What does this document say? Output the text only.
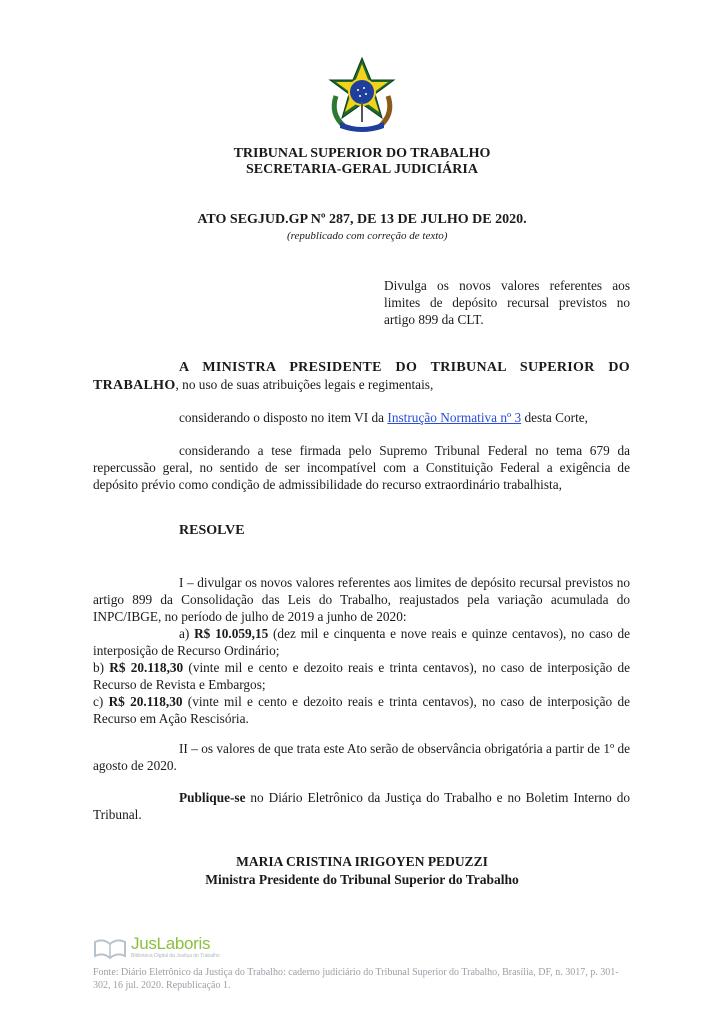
TRIBUNAL SUPERIOR DO TRABALHO
SECRETARIA-GERAL JUDICIÁRIA
ATO SEGJUD.GP Nº 287, DE 13 DE JULHO DE 2020.
(republicado com correção de texto)
Divulga os novos valores referentes aos limites de depósito recursal previstos no artigo 899 da CLT.
A MINISTRA PRESIDENTE DO TRIBUNAL SUPERIOR DO TRABALHO, no uso de suas atribuições legais e regimentais,
considerando o disposto no item VI da Instrução Normativa nº 3 desta Corte,
considerando a tese firmada pelo Supremo Tribunal Federal no tema 679 da repercussão geral, no sentido de ser incompatível com a Constituição Federal a exigência de depósito prévio como condição de admissibilidade do recurso extraordinário trabalhista,
RESOLVE
I – divulgar os novos valores referentes aos limites de depósito recursal previstos no artigo 899 da Consolidação das Leis do Trabalho, reajustados pela variação acumulada do INPC/IBGE, no período de julho de 2019 a junho de 2020:
a) R$ 10.059,15 (dez mil e cinquenta e nove reais e quinze centavos), no caso de interposição de Recurso Ordinário;
b) R$ 20.118,30 (vinte mil e cento e dezoito reais e trinta centavos), no caso de interposição de Recurso de Revista e Embargos;
c) R$ 20.118,30 (vinte mil e cento e dezoito reais e trinta centavos), no caso de interposição de Recurso em Ação Rescisória.
II – os valores de que trata este Ato serão de observância obrigatória a partir de 1º de agosto de 2020.
Publique-se no Diário Eletrônico da Justiça do Trabalho e no Boletim Interno do Tribunal.
MARIA CRISTINA IRIGOYEN PEDUZZI
Ministra Presidente do Tribunal Superior do Trabalho
JusLaboris
Biblioteca Digital da Justiça do Trabalho
Fonte: Diário Eletrônico da Justiça do Trabalho: caderno judiciário do Tribunal Superior do Trabalho, Brasília, DF, n. 3017, p. 301-302, 16 jul. 2020. Republicação 1.
